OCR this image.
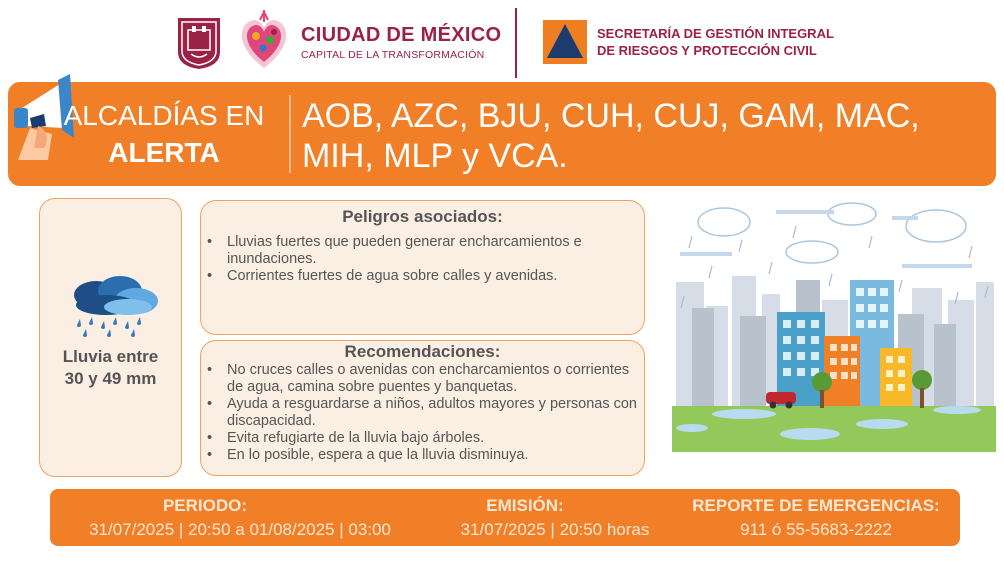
CIUDAD DE MÉXICO
CAPITAL DE LA TRANSFORMACIÓN
SECRETARÍA DE GESTIÓN INTEGRAL
DE RIESGOS Y PROTECCIÓN CIVIL
ALCALDÍAS EN
ALERTA
AOB, AZC, BJU, CUH, CUJ, GAM, MAC, MIH, MLP y VCA.
Lluvia entre
30 y 49 mm
Peligros asociados:
• Lluvias fuertes que pueden generar encharcamientos e inundaciones.
• Corrientes fuertes de agua sobre calles y avenidas.
Recomendaciones:
• No cruces calles o avenidas con encharcamientos o corrientes de agua, camina sobre puentes y banquetas.
• Ayuda a resguardarse a niños, adultos mayores y personas con discapacidad.
• Evita refugiarte de la lluvia bajo árboles.
• En lo posible, espera a que la lluvia disminuya.
PERIODO:
31/07/2025 | 20:50 a 01/08/2025 | 03:00
EMISIÓN:
31/07/2025 | 20:50 horas
REPORTE DE EMERGENCIAS:
911 ó 55-5683-2222
